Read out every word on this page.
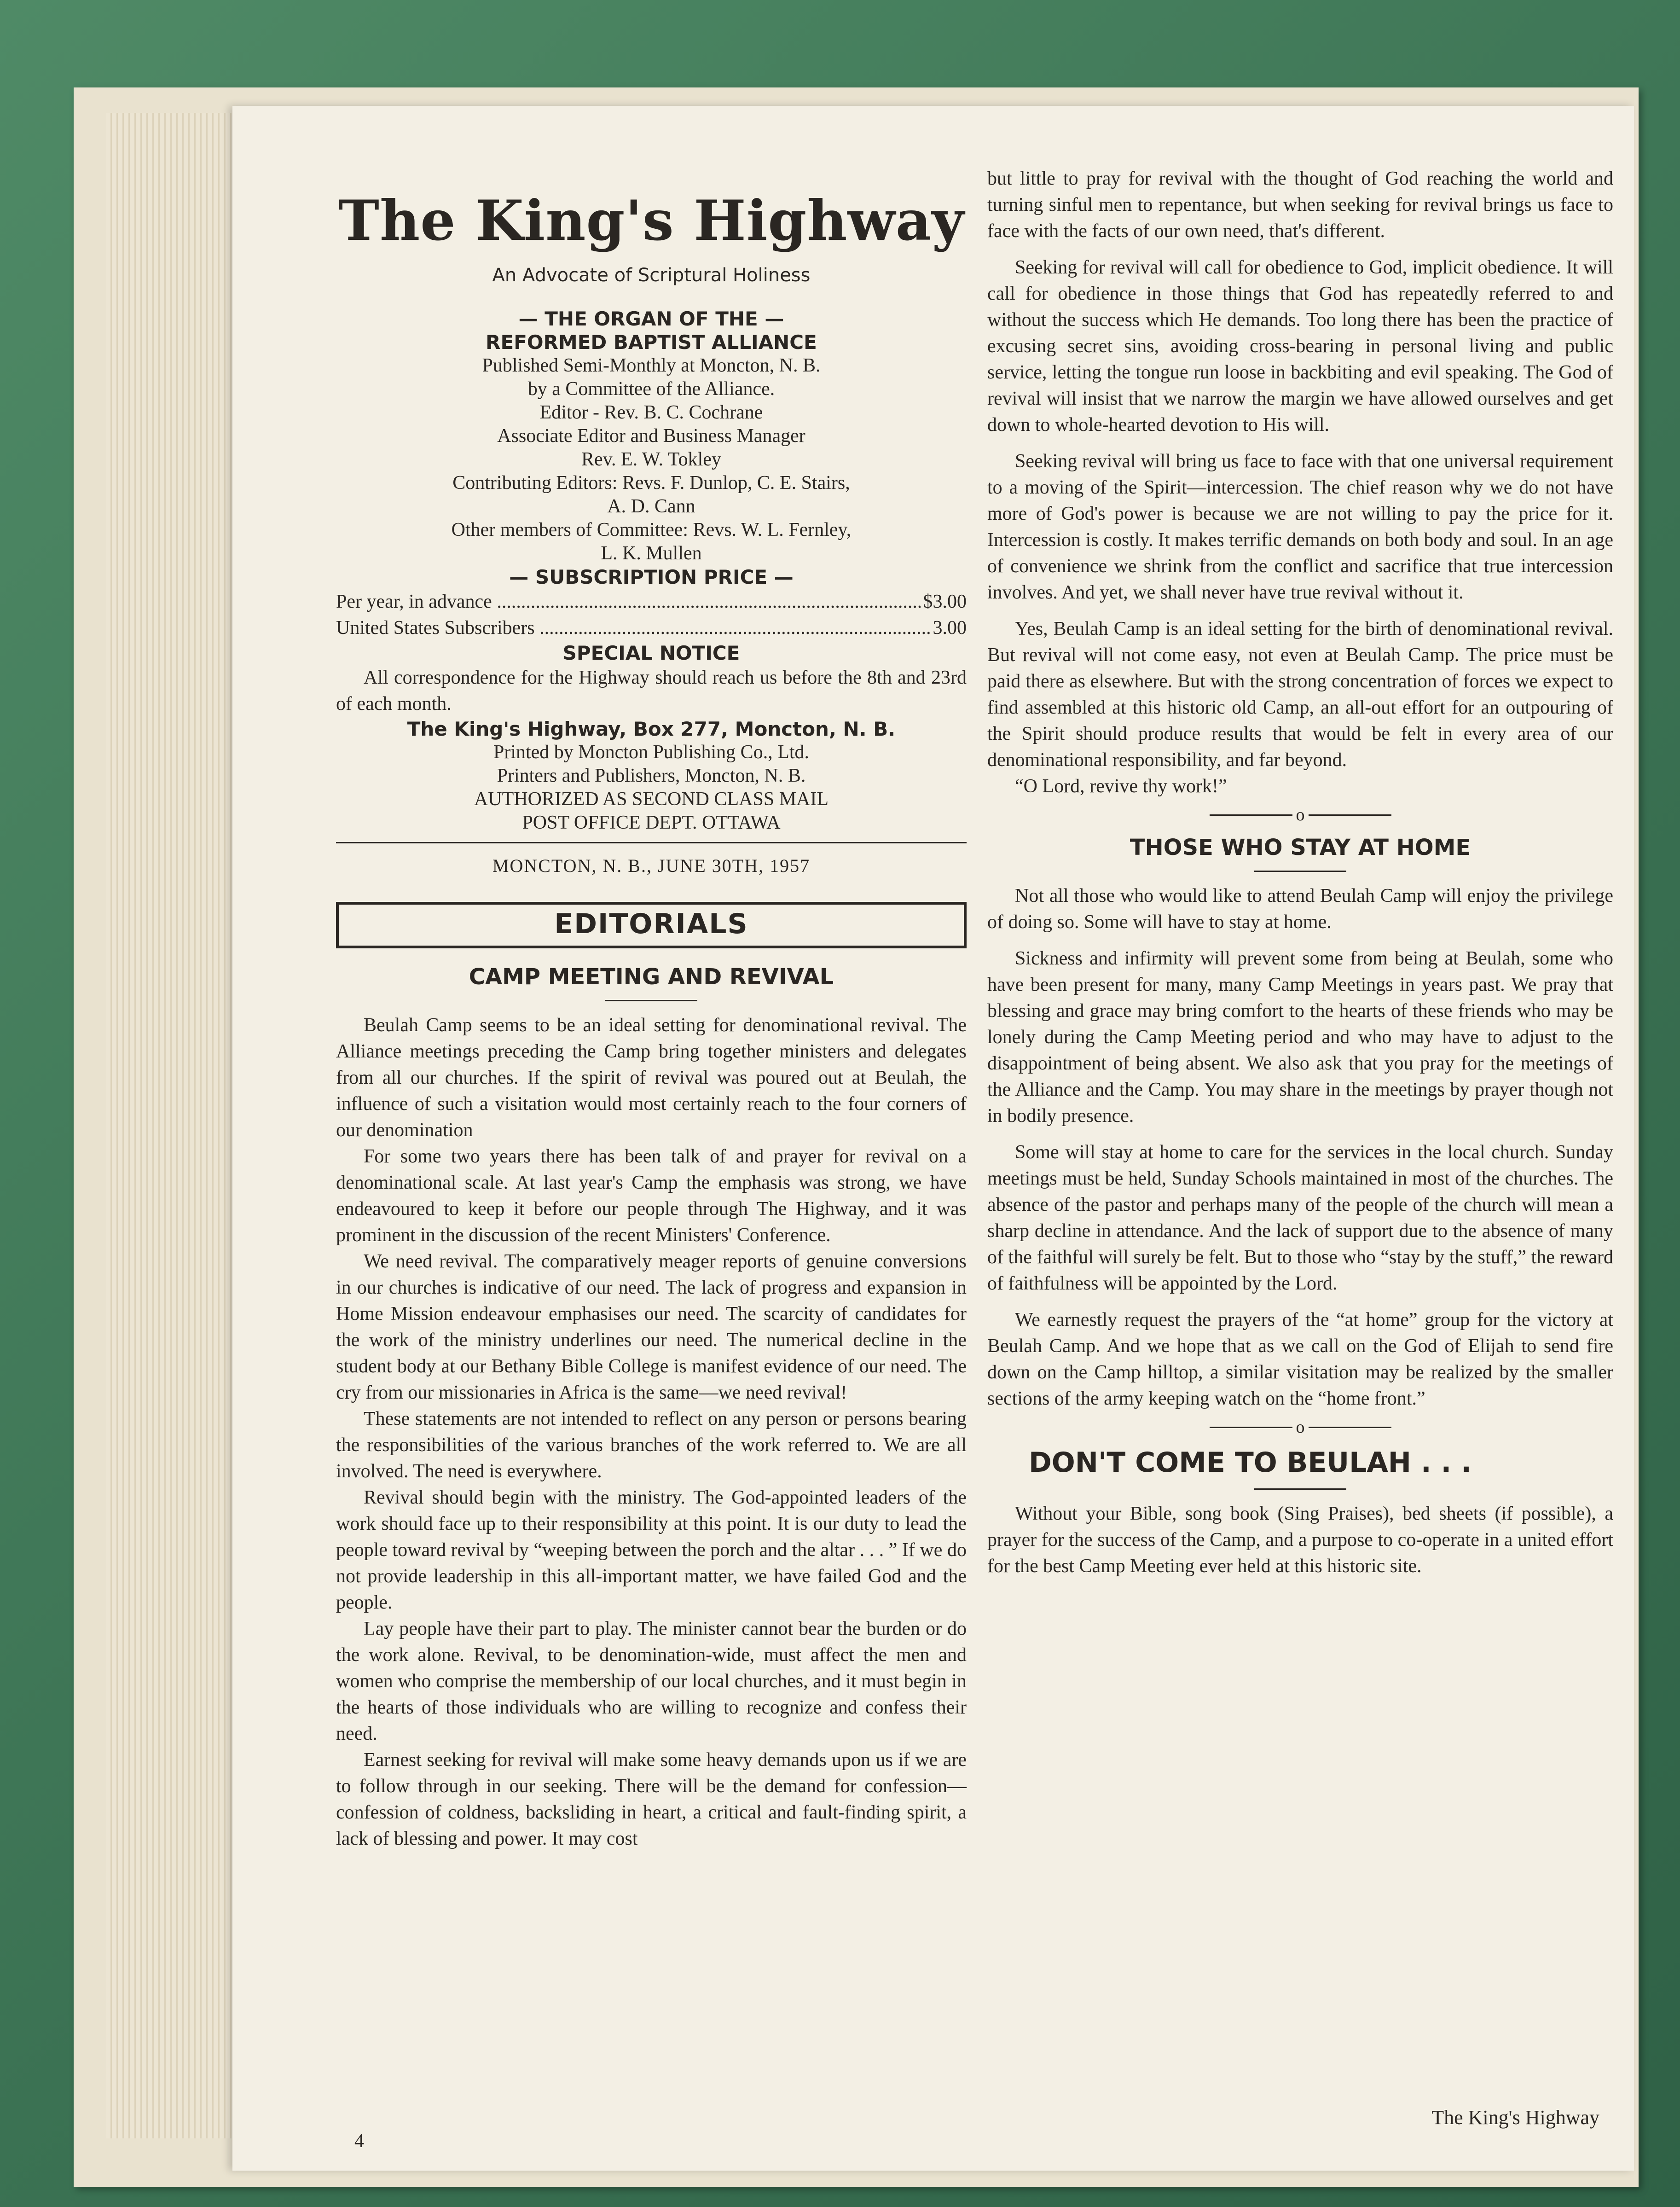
The King's Highway
An Advocate of Scriptural Holiness
— THE ORGAN OF THE —
REFORMED BAPTIST ALLIANCE
Published Semi-Monthly at Moncton, N. B.
by a Committee of the Alliance.
Editor - Rev. B. C. Cochrane
Associate Editor and Business Manager
Rev. E. W. Tokley
Contributing Editors: Revs. F. Dunlop, C. E. Stairs,
A. D. Cann
Other members of Committee: Revs. W. L. Fernley,
L. K. Mullen
— SUBSCRIPTION PRICE —
Per year, in advance .....	$3.00
United States Subscribers .....	3.00
SPECIAL NOTICE

All correspondence for the Highway should reach us before the 8th and 23rd of each month.

The King's Highway, Box 277, Moncton, N. B.
Printed by Moncton Publishing Co., Ltd.
Printers and Publishers, Moncton, N. B.
AUTHORIZED AS SECOND CLASS MAIL
POST OFFICE DEPT. OTTAWA
MONCTON, N. B., JUNE 30TH, 1957
EDITORIALS
CAMP MEETING AND REVIVAL

Beulah Camp seems to be an ideal setting for denominational revival. The Alliance meetings preceding the Camp bring together ministers and delegates from all our churches. If the spirit of revival was poured out at Beulah, the influence of such a visitation would most certainly reach to the four corners of our denomination

For some two years there has been talk of and prayer for revival on a denominational scale. At last year's Camp the emphasis was strong, we have endeavoured to keep it before our people through The Highway, and it was prominent in the discussion of the recent Ministers' Conference.

We need revival. The comparatively meager reports of genuine conversions in our churches is indicative of our need. The lack of progress and expansion in Home Mission endeavour emphasises our need. The scarcity of candidates for the work of the ministry underlines our need. The numerical decline in the student body at our Bethany Bible College is manifest evidence of our need. The cry from our missionaries in Africa is the same—we need revival!

These statements are not intended to reflect on any person or persons bearing the responsibilities of the various branches of the work referred to. We are all involved. The need is everywhere.

Revival should begin with the ministry. The God-appointed leaders of the work should face up to their responsibility at this point. It is our duty to lead the people toward revival by “weeping between the porch and the altar . . . ” If we do not provide leadership in this all-important matter, we have failed God and the people.

Lay people have their part to play. The minister cannot bear the burden or do the work alone. Revival, to be denomination-wide, must affect the men and women who comprise the membership of our local churches, and it must begin in the hearts of those individuals who are willing to recognize and confess their need.

Earnest seeking for revival will make some heavy demands upon us if we are to follow through in our seeking. There will be the demand for confession—confession of coldness, backsliding in heart, a critical and fault-finding spirit, a lack of blessing and power. It may cost

but little to pray for revival with the thought of God reaching the world and turning sinful men to repentance, but when seeking for revival brings us face to face with the facts of our own need, that's different.

Seeking for revival will call for obedience to God, implicit obedience. It will call for obedience in those things that God has repeatedly referred to and without the success which He demands. Too long there has been the practice of excusing secret sins, avoiding cross-bearing in personal living and public service, letting the tongue run loose in backbiting and evil speaking. The God of revival will insist that we narrow the margin we have allowed ourselves and get down to whole-hearted devotion to His will.

Seeking revival will bring us face to face with that one universal requirement to a moving of the Spirit—intercession. The chief reason why we do not have more of God's power is because we are not willing to pay the price for it. Intercession is costly. It makes terrific demands on both body and soul. In an age of convenience we shrink from the conflict and sacrifice that true intercession involves. And yet, we shall never have true revival without it.

Yes, Beulah Camp is an ideal setting for the birth of denominational revival. But revival will not come easy, not even at Beulah Camp. The price must be paid there as elsewhere. But with the strong concentration of forces we expect to find assembled at this historic old Camp, an all-out effort for an outpouring of the Spirit should produce results that would be felt in every area of our denominational responsibility, and far beyond.

“O Lord, revive thy work!”

o
THOSE WHO STAY AT HOME

Not all those who would like to attend Beulah Camp will enjoy the privilege of doing so. Some will have to stay at home.

Sickness and infirmity will prevent some from being at Beulah, some who have been present for many, many Camp Meetings in years past. We pray that blessing and grace may bring comfort to the hearts of these friends who may be lonely during the Camp Meeting period and who may have to adjust to the disappointment of being absent. We also ask that you pray for the meetings of the Alliance and the Camp. You may share in the meetings by prayer though not in bodily presence.

Some will stay at home to care for the services in the local church. Sunday meetings must be held, Sunday Schools maintained in most of the churches. The absence of the pastor and perhaps many of the people of the church will mean a sharp decline in attendance. And the lack of support due to the absence of many of the faithful will surely be felt. But to those who “stay by the stuff,” the reward of faithfulness will be appointed by the Lord.

We earnestly request the prayers of the “at home” group for the victory at Beulah Camp. And we hope that as we call on the God of Elijah to send fire down on the Camp hilltop, a similar visitation may be realized by the smaller sections of the army keeping watch on the “home front.”

o
DON'T COME TO BEULAH . . .

Without your Bible, song book (Sing Praises), bed sheets (if possible), a prayer for the success of the Camp, and a purpose to co-operate in a united effort for the best Camp Meeting ever held at this historic site.

4
The King's Highway
